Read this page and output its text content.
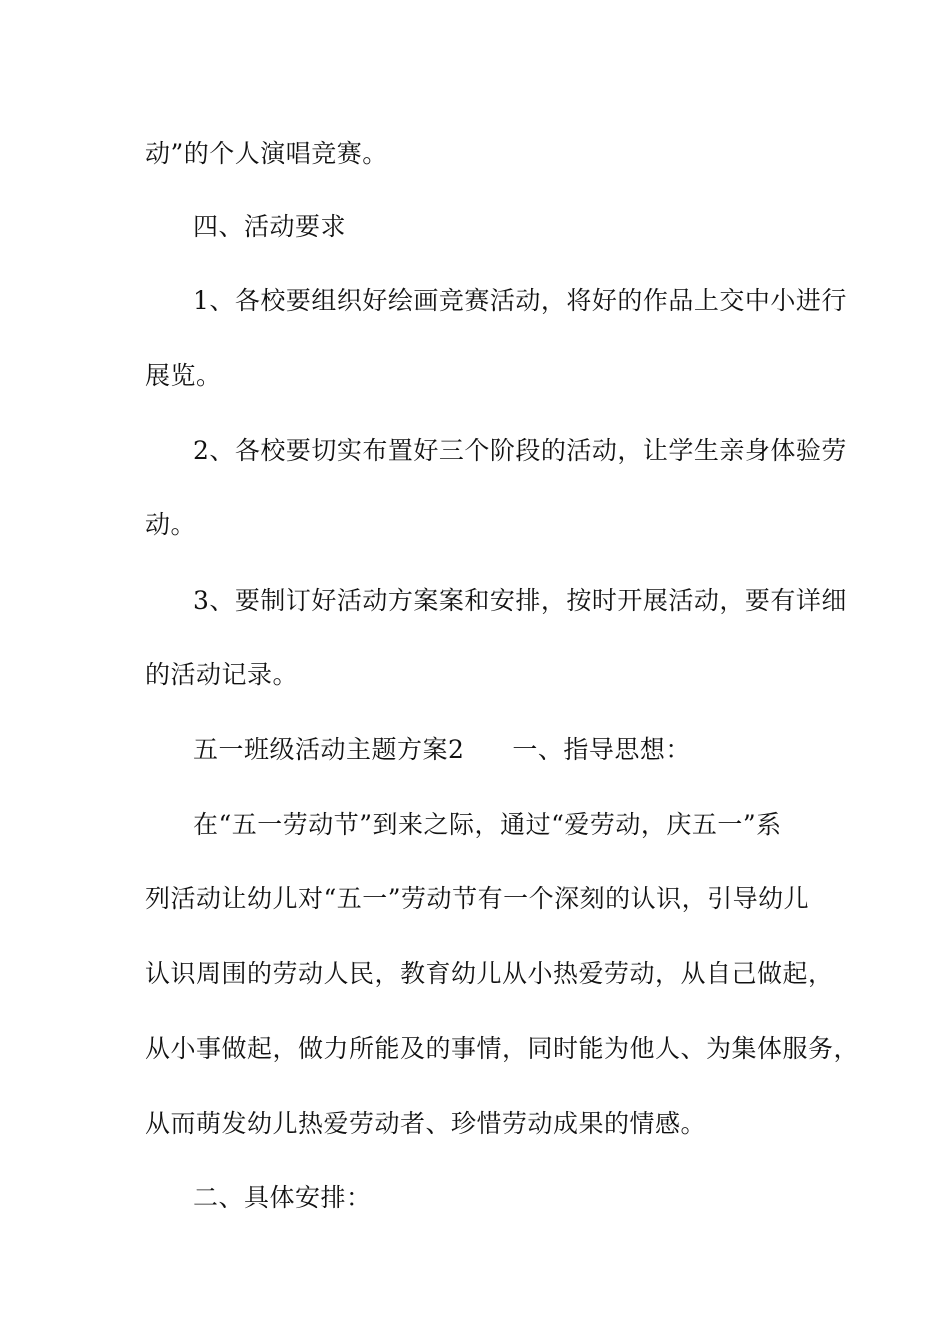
动”的个人演唱竞赛。
四、活动要求
1、各校要组织好绘画竞赛活动，将好的作品上交中小进行
展览。
2、各校要切实布置好三个阶段的活动，让学生亲身体验劳
动。
3、要制订好活动方案案和安排，按时开展活动，要有详细
的活动记录。
五一班级活动主题方案2 一、指导思想：
在“五一劳动节”到来之际，通过“爱劳动，庆五一”系
列活动让幼儿对“五一”劳动节有一个深刻的认识，引导幼儿
认识周围的劳动人民，教育幼儿从小热爱劳动，从自己做起，
从小事做起，做力所能及的事情，同时能为他人、为集体服务，
从而萌发幼儿热爱劳动者、珍惜劳动成果的情感。
二、具体安排：
